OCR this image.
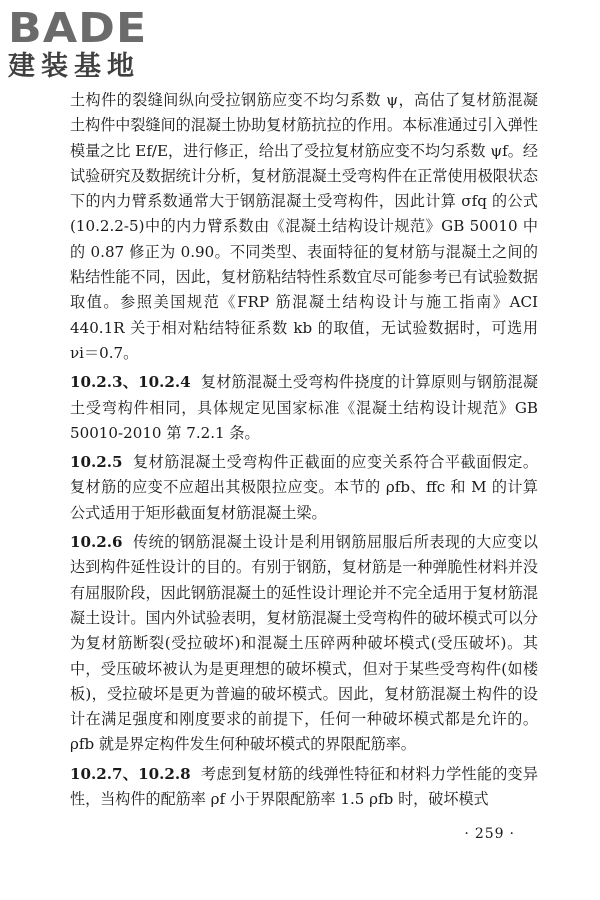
BADE
建装基地

土构件的裂缝间纵向受拉钢筋应变不均匀系数 ψ，高估了复材筋混凝土构件中裂缝间的混凝土协助复材筋抗拉的作用。本标准通过引入弹性模量之比 Ef/E，进行修正，给出了受拉复材筋应变不均匀系数 ψf。经试验研究及数据统计分析，复材筋混凝土受弯构件在正常使用极限状态下的内力臂系数通常大于钢筋混凝土受弯构件，因此计算 σfq 的公式(10.2.2-5)中的内力臂系数由《混凝土结构设计规范》GB 50010 中的 0.87 修正为 0.90。不同类型、表面特征的复材筋与混凝土之间的粘结性能不同，因此，复材筋粘结特性系数宜尽可能参考已有试验数据取值。参照美国规范《FRP 筋混凝土结构设计与施工指南》ACI 440.1R 关于相对粘结特征系数 kb 的取值，无试验数据时，可选用 νi＝0.7。

10.2.3、10.2.4 复材筋混凝土受弯构件挠度的计算原则与钢筋混凝土受弯构件相同，具体规定见国家标准《混凝土结构设计规范》GB 50010-2010 第 7.2.1 条。

10.2.5 复材筋混凝土受弯构件正截面的应变关系符合平截面假定。复材筋的应变不应超出其极限拉应变。本节的 ρfb、ffc 和 M 的计算公式适用于矩形截面复材筋混凝土梁。

10.2.6 传统的钢筋混凝土设计是利用钢筋屈服后所表现的大应变以达到构件延性设计的目的。有别于钢筋，复材筋是一种弹脆性材料并没有屈服阶段，因此钢筋混凝土的延性设计理论并不完全适用于复材筋混凝土设计。国内外试验表明，复材筋混凝土受弯构件的破坏模式可以分为复材筋断裂(受拉破坏)和混凝土压碎两种破坏模式(受压破坏)。其中，受压破坏被认为是更理想的破坏模式，但对于某些受弯构件(如楼板)，受拉破坏是更为普遍的破坏模式。因此，复材筋混凝土构件的设计在满足强度和刚度要求的前提下，任何一种破坏模式都是允许的。ρfb 就是界定构件发生何种破坏模式的界限配筋率。

10.2.7、10.2.8 考虑到复材筋的线弹性特征和材料力学性能的变异性，当构件的配筋率 ρf 小于界限配筋率 1.5 ρfb 时，破坏模式

· 259 ·
